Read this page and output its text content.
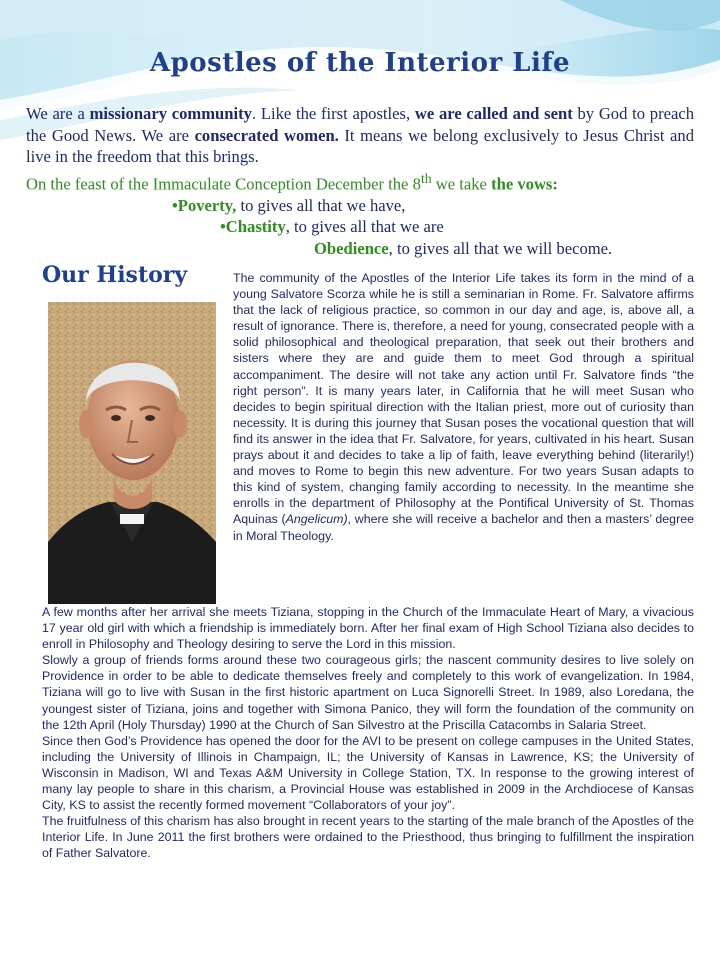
Apostles of the Interior Life

We are a missionary community. Like the first apostles, we are called and sent by God to preach the Good News. We are consecrated women. It means we belong exclusively to Jesus Christ and live in the freedom that this brings.

On the feast of the Immaculate Conception December the 8th we take the vows:

•Poverty, to gives all that we have,

•Chastity, to gives all that we are

Obedience, to gives all that we will become.

Our History	The community of the Apostles of the Interior Life takes its form in the mind of a young Salvatore Scorza while he is still a seminarian in Rome. Fr. Salvatore affirms that the lack of religious practice, so common in our day and age, is, above all, a result of ignorance. There is, therefore, a need for young, consecrated people with a solid philosophical and theological preparation, that seek out their brothers and sisters where they are and guide them to meet God through a spiritual accompaniment. The desire will not take any action until Fr. Salvatore finds “the right person”. It is many years later, in California that he will meet Susan who decides to begin spiritual direction with the Italian priest, more out of curiosity than necessity. It is during this journey that Susan poses the vocational question that will find its answer in the idea that Fr. Salvatore, for years, cultivated in his heart. Susan prays about it and decides to take a lip of faith, leave everything behind (literarily!) and moves to Rome to begin this new adventure. For two years Susan adapts to this kind of system, changing family according to necessity. In the meantime she enrolls in the department of Philosophy at the Pontifical University of St. Thomas Aquinas (Angelicum), where she will receive a bachelor and then a masters’ degree in Moral Theology.

A few months after her arrival she meets Tiziana, stopping in the Church of the Immaculate Heart of Mary, a vivacious 17 year old girl with which a friendship is immediately born. After her final exam of High School Tiziana also decides to enroll in Philosophy and Theology desiring to serve the Lord in this mission.

Slowly a group of friends forms around these two courageous girls; the nascent community desires to live solely on Providence in order to be able to dedicate themselves freely and completely to this work of evangelization. In 1984, Tiziana will go to live with Susan in the first historic apartment on Luca Signorelli Street. In 1989, also Loredana, the youngest sister of Tiziana, joins and together with Simona Panico, they will form the foundation of the community on the 12th April (Holy Thursday) 1990 at the Church of San Silvestro at the Priscilla Catacombs in Salaria Street.

Since then God’s Providence has opened the door for the AVI to be present on college campuses in the United States, including the University of Illinois in Champaign, IL; the University of Kansas in Lawrence, KS; the University of Wisconsin in Madison, WI and Texas A&M University in College Station, TX. In response to the growing interest of many lay people to share in this charism, a Provincial House was established in 2009 in the Archdiocese of Kansas City, KS to assist the recently formed movement “Collaborators of your joy”.

The fruitfulness of this charism has also brought in recent years to the starting of the male branch of the Apostles of the Interior Life. In June 2011 the first brothers were ordained to the Priesthood, thus bringing to fulfillment the inspiration of Father Salvatore.
